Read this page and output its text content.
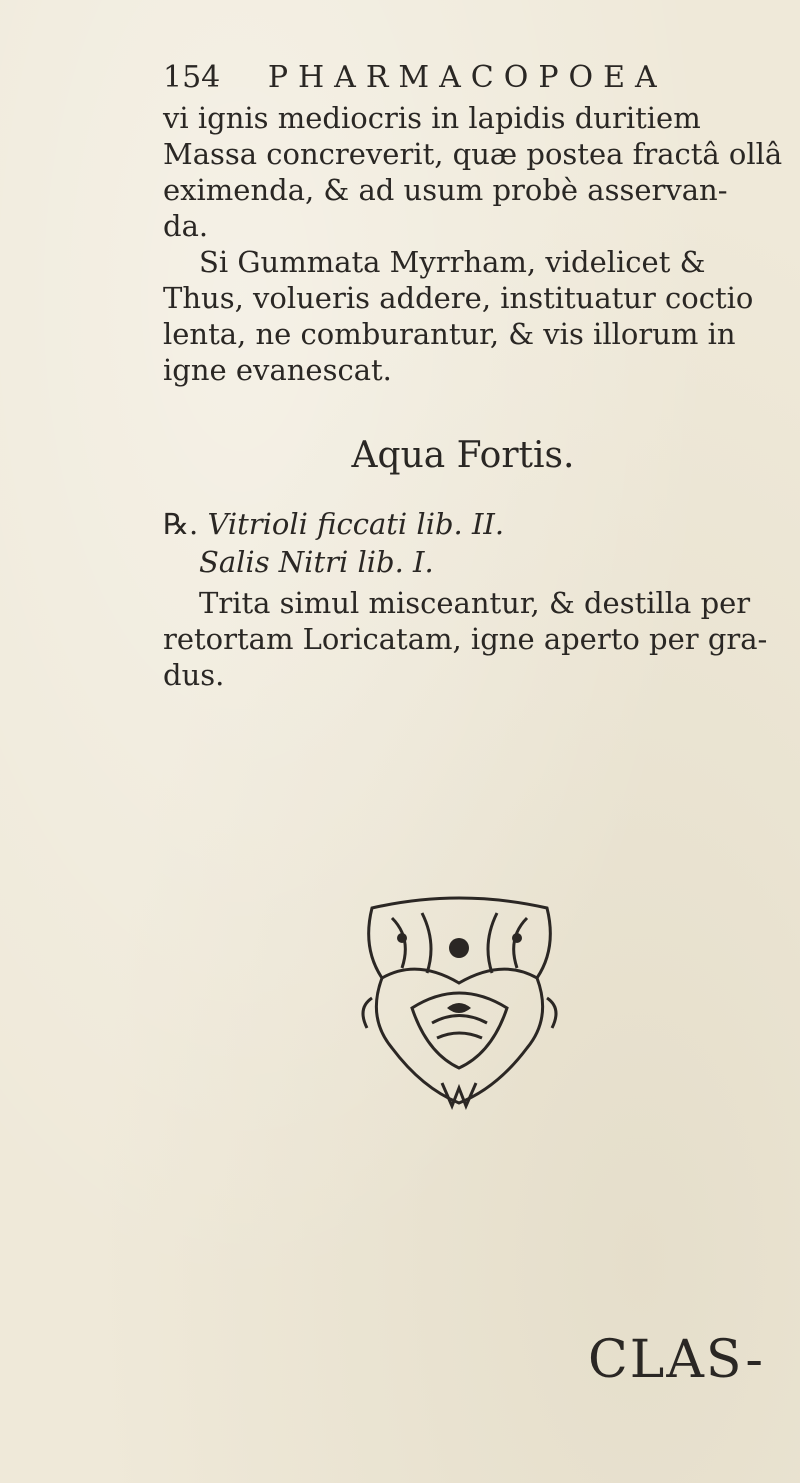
154 PHARMACOPOEA
vi ignis mediocris in lapidis duritiem
Massa concreverit, quæ postea fractâ ollâ
eximenda, & ad usum probè asservan-
da.
Si Gummata Myrrham, videlicet &
Thus, volueris addere, instituatur coctio
lenta, ne comburantur, & vis illorum in
igne evanescat.
Aqua Fortis.
℞. Vitrioli ficcati lib. II.
Salis Nitri lib. I.
Trita simul misceantur, & destilla per
retortam Loricatam, igne aperto per gra-
dus.
CLAS-
